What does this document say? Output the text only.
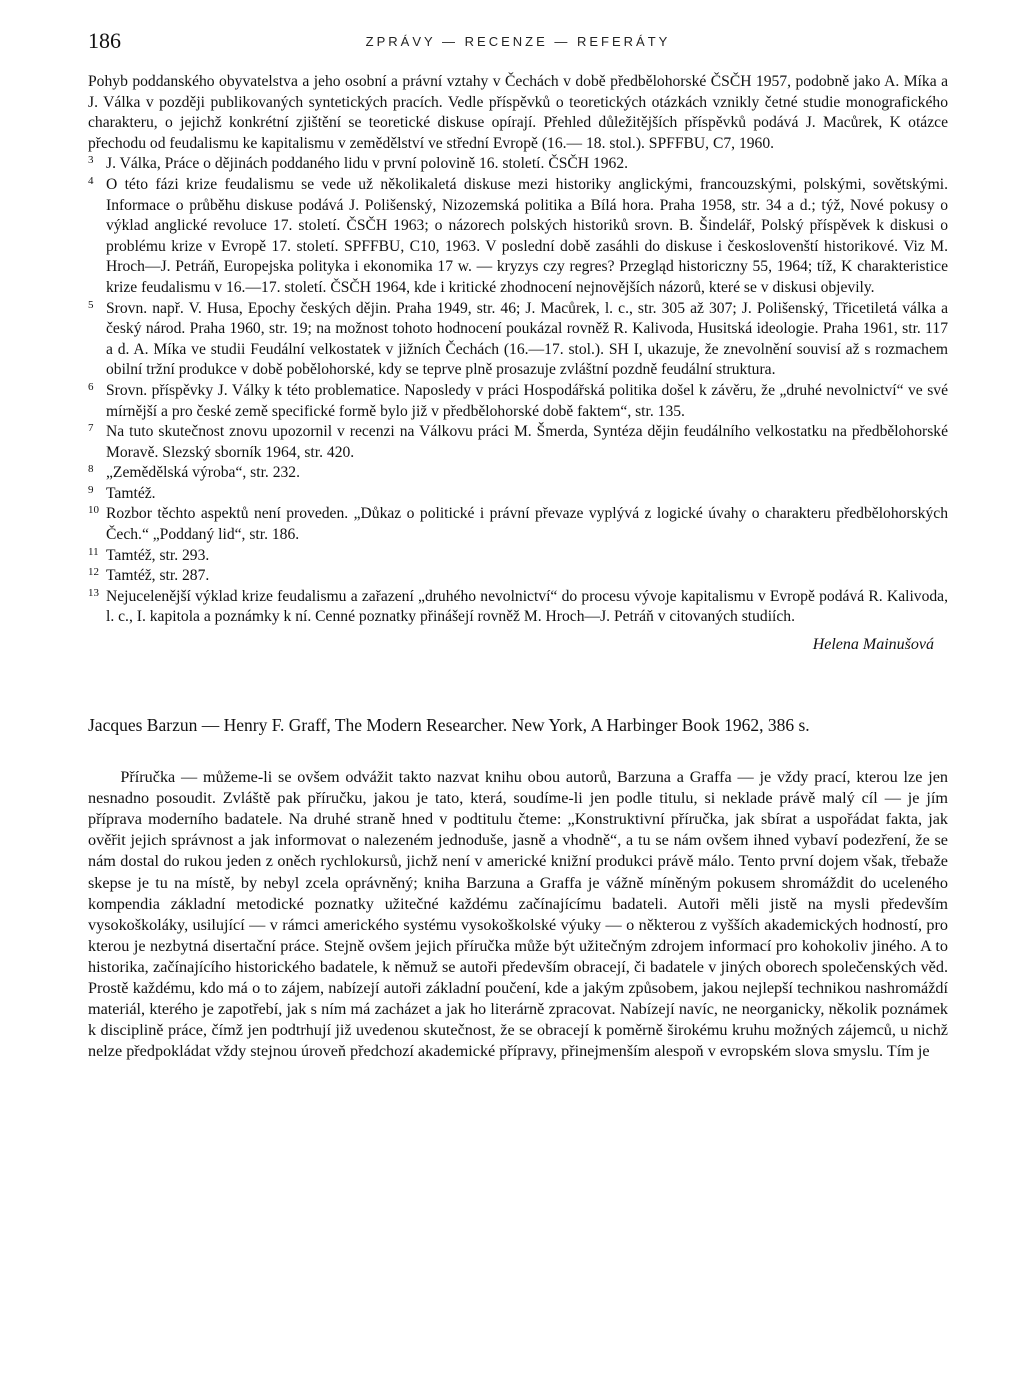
186	ZPRÁVY — RECENZE — REFERÁTY

Pohyb poddanského obyvatelstva a jeho osobní a právní vztahy v Čechách v době předbělohorské ČSČH 1957, podobně jako A. Míka a J. Válka v později publikovaných syntetických pracích. Vedle příspěvků o teoretických otázkách vznikly četné studie monografického charakteru, o jejichž konkrétní zjištění se teoretické diskuse opírají. Přehled důležitějších příspěvků podává J. Macůrek, K otázce přechodu od feudalismu ke kapitalismu v zemědělství ve střední Evropě (16.— 18. stol.). SPFFBU, C7, 1960.

3 J. Válka, Práce o dějinách poddaného lidu v první polovině 16. století. ČSČH 1962.

4 O této fázi krize feudalismu se vede už několikaletá diskuse mezi historiky anglickými, francouzskými, polskými, sovětskými. Informace o průběhu diskuse podává J. Polišenský, Nizozemská politika a Bílá hora. Praha 1958, str. 34 a d.; týž, Nové pokusy o výklad anglické revoluce 17. století. ČSČH 1963; o názorech polských historiků srovn. B. Šindelář, Polský příspěvek k diskusi o problému krize v Evropě 17. století. SPFFBU, C10, 1963. V poslední době zasáhli do diskuse i českoslovenští historikové. Viz M. Hroch—J. Petráň, Europejska polityka i ekonomika 17 w. — kryzys czy regres? Przegląd historiczny 55, 1964; tíž, K charakteristice krize feudalismu v 16.—17. století. ČSČH 1964, kde i kritické zhodnocení nejnovějších názorů, které se v diskusi objevily.

5 Srovn. např. V. Husa, Epochy českých dějin. Praha 1949, str. 46; J. Macůrek, l. c., str. 305 až 307; J. Polišenský, Třicetiletá válka a český národ. Praha 1960, str. 19; na možnost tohoto hodnocení poukázal rovněž R. Kalivoda, Husitská ideologie. Praha 1961, str. 117 a d. A. Míka ve studii Feudální velkostatek v jižních Čechách (16.—17. stol.). SH I, ukazuje, že znevolnění souvisí až s rozmachem obilní tržní produkce v době pobělohorské, kdy se teprve plně prosazuje zvláštní pozdně feudální struktura.

6 Srovn. příspěvky J. Války k této problematice. Naposledy v práci Hospodářská politika došel k závěru, že „druhé nevolnictví“ ve své mírnější a pro české země specifické formě bylo již v předbělohorské době faktem“, str. 135.

7 Na tuto skutečnost znovu upozornil v recenzi na Válkovu práci M. Šmerda, Syntéza dějin feudálního velkostatku na předbělohorské Moravě. Slezský sborník 1964, str. 420.

8 „Zemědělská výroba“, str. 232.

9 Tamtéž.

10 Rozbor těchto aspektů není proveden. „Důkaz o politické i právní převaze vyplývá z logické úvahy o charakteru předbělohorských Čech.“ „Poddaný lid“, str. 186.

11 Tamtéž, str. 293.

12 Tamtéž, str. 287.

13 Nejucelenější výklad krize feudalismu a zařazení „druhého nevolnictví“ do procesu vývoje kapitalismu v Evropě podává R. Kalivoda, l. c., I. kapitola a poznámky k ní. Cenné poznatky přinášejí rovněž M. Hroch—J. Petráň v citovaných studiích.

Helena Mainušová
Jacques Barzun — Henry F. Graff, The Modern Researcher. New York, A Harbinger Book 1962, 386 s.

Příručka — můžeme-li se ovšem odvážit takto nazvat knihu obou autorů, Barzuna a Graffa — je vždy prací, kterou lze jen nesnadno posoudit. Zvláště pak příručku, jakou je tato, která, soudíme-li jen podle titulu, si neklade právě malý cíl — je jím příprava moderního badatele. Na druhé straně hned v podtitulu čteme: „Konstruktivní příručka, jak sbírat a uspořádat fakta, jak ověřit jejich správnost a jak informovat o nalezeném jednoduše, jasně a vhodně“, a tu se nám ovšem ihned vybaví podezření, že se nám dostal do rukou jeden z oněch rychlokursů, jichž není v americké knižní produkci právě málo. Tento první dojem však, třebaže skepse je tu na místě, by nebyl zcela oprávněný; kniha Barzuna a Graffa je vážně míněným pokusem shromáždit do uceleného kompendia základní metodické poznatky užitečné každému začínajícímu badateli. Autoři měli jistě na mysli především vysokoškoláky, usilující — v rámci amerického systému vysokoškolské výuky — o některou z vyšších akademických hodností, pro kterou je nezbytná disertační práce. Stejně ovšem jejich příručka může být užitečným zdrojem informací pro kohokoliv jiného. A to historika, začínajícího historického badatele, k němuž se autoři především obracejí, či badatele v jiných oborech společenských věd. Prostě každému, kdo má o to zájem, nabízejí autoři základní poučení, kde a jakým způsobem, jakou nejlepší technikou nashromáždí materiál, kterého je zapotřebí, jak s ním má zacházet a jak ho literárně zpracovat. Nabízejí navíc, ne neorganicky, několik poznámek k disciplině práce, čímž jen podtrhují již uvedenou skutečnost, že se obracejí k poměrně širokému kruhu možných zájemců, u nichž nelze předpokládat vždy stejnou úroveň předchozí akademické přípravy, přinejmenším alespoň v evropském slova smyslu. Tím je
